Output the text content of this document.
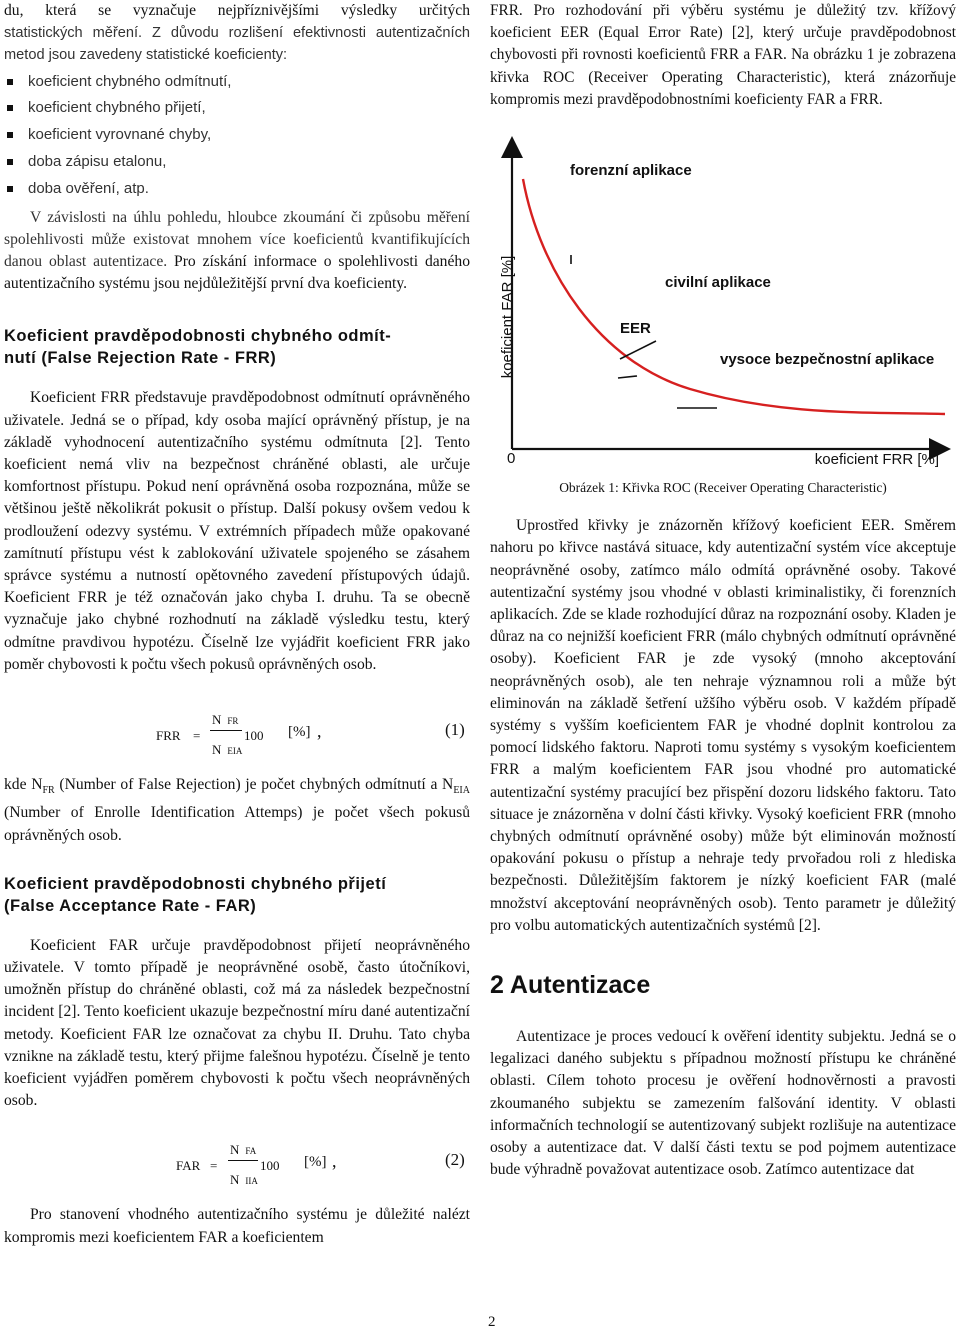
du, která se vyznačuje nejpříznivějšími výsledky určitých
statistických měření. Z důvodu rozlišení efektivnosti autentizačních metod jsou zavedeny statistické koeficienty:

koeficient chybného odmítnutí,
koeficient chybného přijetí,
koeficient vyrovnané chyby,
doba zápisu etalonu,
doba ověření, atp.

V závislosti na úhlu pohledu, hloubce zkoumání či způsobu měření spolehlivosti může existovat mnohem více koeficientů kvantifikujících danou oblast autentizace. Pro získání informace o spolehlivosti daného autentizačního systému jsou nejdůležitější první dva koeficienty.

Koeficient pravděpodobnosti chybného odmít-
nutí (False Rejection Rate - FRR)

Koeficient FRR představuje pravděpodobnost odmítnutí oprávněného uživatele. Jedná se o případ, kdy osoba mající oprávněný přístup, je na základě vyhodnocení autentizačního systému odmítnuta [2]. Tento koeficient nemá vliv na bezpečnost chráněné oblasti, ale určuje komfortnost přístupu. Pokud není oprávněná osoba rozpoznána, může se většinou ještě několikrát pokusit o přístup. Další pokusy ovšem vedou k prodloužení odezvy systému. V extrémních případech může opakované zamítnutí přístupu vést k zablokování uživatele spojeného se zásahem správce systému a nutností opětovného zavedení přístupových údajů. Koeficient FRR je též označován jako chyba I. druhu. Ta se obecně vyznačuje jako chybné rozhodnutí na základě výsledku testu, který odmítne pravdivou hypotézu. Číselně lze vyjádřit koeficient FRR jako poměr chybovosti k počtu všech pokusů oprávněných osob.

FRR =
N FR
N EIA
100 [%] ,	(1)

kde $N_{FR}$ (Number of False Rejection) je počet chybných odmítnutí a $N_{EIA}$ (Number of Enrolle Identification Attemps) je počet všech pokusů oprávněných osob.

Koeficient pravděpodobnosti chybného přijetí
(False Acceptance Rate - FAR)

Koeficient FAR určuje pravděpodobnost přijetí neoprávněného uživatele. V tomto případě je neoprávněné osobě, často útočníkovi, umožněn přístup do chráněné oblasti, což má za následek bezpečnostní incident [2]. Tento koeficient ukazuje bezpečnostní míru dané autentizační metody. Koeficient FAR lze označovat za chybu II. Druhu. Tato chyba vznikne na základě testu, který přijme falešnou hypotézu. Číselně je tento koeficient vyjádřen poměrem chybovosti k počtu všech neoprávněných osob.

FAR =
N FA
N IIA
100 [%] ,	(2)

Pro stanovení vhodného autentizačního systému je důležité nalézt kompromis mezi koeficientem FAR a koeficientem

FRR. Pro rozhodování při výběru systému je důležitý tzv. křížový koeficient EER (Equal Error Rate) [2], který určuje pravděpodobnost chybovosti při rovnosti koeficientů FRR a FAR. Na obrázku 1 je zobrazena křivka ROC (Receiver Operating Characteristic), která znázorňuje kompromis mezi pravděpodobnostními koeficienty FAR a FRR.

koeficient FAR [%]
koeficient FRR [%]
0
forenzní aplikace
civilní aplikace
EER
vysoce bezpečnostní aplikace

Obrázek 1: Křivka ROC (Receiver Operating Characteristic)

Uprostřed křivky je znázorněn křížový koeficient EER. Směrem nahoru po křivce nastává situace, kdy autentizační systém více akceptuje neoprávněné osoby, zatímco málo odmítá oprávněné osoby. Takové autentizační systémy jsou vhodné v oblasti kriminalistiky, či forenzních aplikacích. Zde se klade rozhodující důraz na rozpoznání osoby. Kladen je důraz na co nejnižší koeficient FRR (málo chybných odmítnutí oprávněné osoby). Koeficient FAR je zde vysoký (mnoho akceptování neoprávněných osob), ale ten nehraje významnou roli a může být eliminován na základě šetření užšího výběru osob. V každém případě systémy s vyšším koeficientem FAR je vhodné doplnit kontrolou za pomocí lidského faktoru. Naproti tomu systémy s vysokým koeficientem FRR a malým koeficientem FAR jsou vhodné pro automatické autentizační systémy pracující bez přispění dozoru lidského faktoru. Tato situace je znázorněna v dolní části křivky. Vysoký koeficient FRR (mnoho chybných odmítnutí oprávněné osoby) může být eliminován možností opakování pokusu o přístup a nehraje tedy prvořadou roli z hlediska bezpečnosti. Důležitějším faktorem je nízký koeficient FAR (malé množství akceptování neoprávněných osob). Tento parametr je důležitý pro volbu automatických autentizačních systémů [2].

2 Autentizace

Autentizace je proces vedoucí k ověření identity subjektu. Jedná se o legalizaci daného subjektu s případnou možností přístupu ke chráněné oblasti. Cílem tohoto procesu je ověření hodnověrnosti a pravosti zkoumaného subjektu se zamezením falšování identity. V oblasti informačních technologií se autentizovaný subjekt rozlišuje na autentizace osoby a autentizace dat. V další části textu se pod pojmem autentizace bude výhradně považovat autentizace osob. Zatímco autentizace dat

2
